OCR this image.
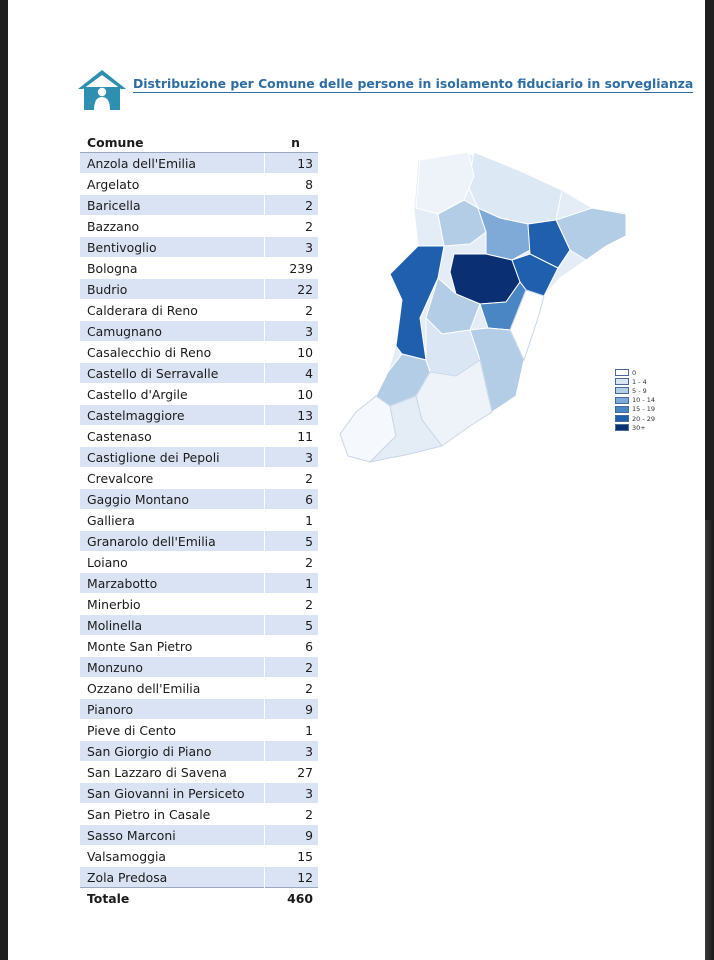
Distribuzione per Comune delle persone in isolamento fiduciario in sorveglianza
Comune	n
Anzola dell'Emilia	13
Argelato	8
Baricella	2
Bazzano	2
Bentivoglio	3
Bologna	239
Budrio	22
Calderara di Reno	2
Camugnano	3
Casalecchio di Reno	10
Castello di Serravalle	4
Castello d'Argile	10
Castelmaggiore	13
Castenaso	11
Castiglione dei Pepoli	3
Crevalcore	2
Gaggio Montano	6
Galliera	1
Granarolo dell'Emilia	5
Loiano	2
Marzabotto	1
Minerbio	2
Molinella	5
Monte San Pietro	6
Monzuno	2
Ozzano dell'Emilia	2
Pianoro	9
Pieve di Cento	1
San Giorgio di Piano	3
San Lazzaro di Savena	27
San Giovanni in Persiceto	3
San Pietro in Casale	2
Sasso Marconi	9
Valsamoggia	15
Zola Predosa	12
Totale	460
0
1 - 4
5 - 9
10 - 14
15 - 19
20 - 29
30+
